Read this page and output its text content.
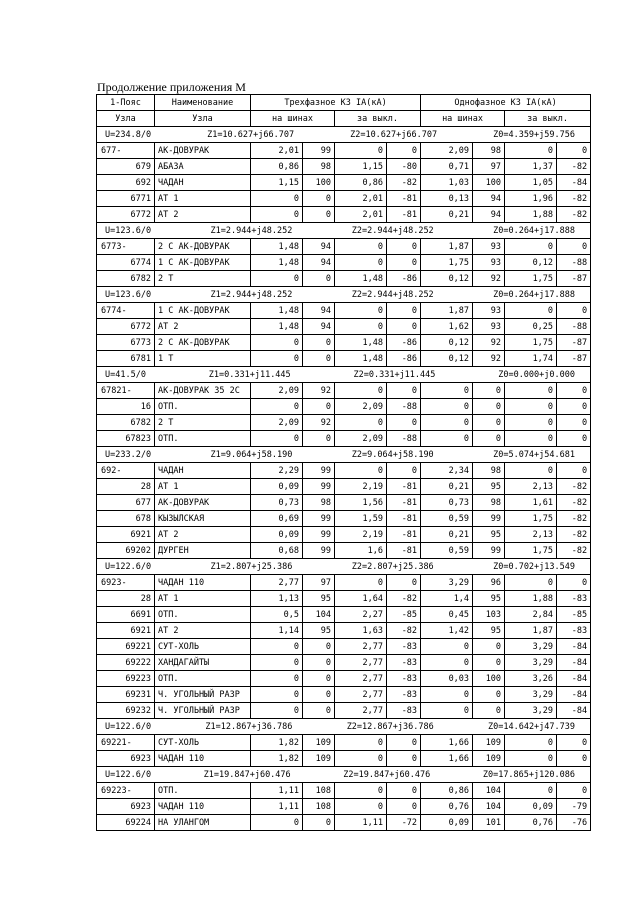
Продолжение приложения М
1-Пояс	Наименование	Трехфазное КЗ IA(кА)				Однофазное КЗ IA(кА)			
Узла	Узла	на шинах		за выкл.		на шинах		за выкл.	

U=234.8/0 Z1=10.627+j66.707 Z2=10.627+j66.707 Z0=4.359+j59.756									

677-	АК-ДОВУРАК	2,01	99	0	0	2,09	98	0	0
679	АБАЗА	0,86	98	1,15	-80	0,71	97	1,37	-82
692	ЧАДАН	1,15	100	0,86	-82	1,03	100	1,05	-84
6771	АТ 1	0	0	2,01	-81	0,13	94	1,96	-82
6772	АТ 2	0	0	2,01	-81	0,21	94	1,88	-82

U=123.6/0 Z1=2.944+j48.252 Z2=2.944+j48.252 Z0=0.264+j17.888									

6773-	2 С АК-ДОВУРАК	1,48	94	0	0	1,87	93	0	0
6774	1 С АК-ДОВУРАК	1,48	94	0	0	1,75	93	0,12	-88
6782	2 Т	0	0	1,48	-86	0,12	92	1,75	-87

U=123.6/0 Z1=2.944+j48.252 Z2=2.944+j48.252 Z0=0.264+j17.888									

6774-	1 С АК-ДОВУРАК	1,48	94	0	0	1,87	93	0	0
6772	АТ 2	1,48	94	0	0	1,62	93	0,25	-88
6773	2 С АК-ДОВУРАК	0	0	1,48	-86	0,12	92	1,75	-87
6781	1 Т	0	0	1,48	-86	0,12	92	1,74	-87

U=41.5/0 Z1=0.331+j11.445 Z2=0.331+j11.445 Z0=0.000+j0.000									

67821-	АК-ДОВУРАК 35 2С	2,09	92	0	0	0	0	0	0
16	ОТП.	0	0	2,09	-88	0	0	0	0
6782	2 Т	2,09	92	0	0	0	0	0	0
67823	ОТП.	0	0	2,09	-88	0	0	0	0

U=233.2/0 Z1=9.064+j58.190 Z2=9.064+j58.190 Z0=5.074+j54.681									

692-	ЧАДАН	2,29	99	0	0	2,34	98	0	0
28	АТ 1	0,09	99	2,19	-81	0,21	95	2,13	-82
677	АК-ДОВУРАК	0,73	98	1,56	-81	0,73	98	1,61	-82
678	КЫЗЫЛСКАЯ	0,69	99	1,59	-81	0,59	99	1,75	-82
6921	АТ 2	0,09	99	2,19	-81	0,21	95	2,13	-82
69202	ДУРГЕН	0,68	99	1,6	-81	0,59	99	1,75	-82

U=122.6/0 Z1=2.807+j25.386 Z2=2.807+j25.386 Z0=0.702+j13.549									

6923-	ЧАДАН 110	2,77	97	0	0	3,29	96	0	0
28	АТ 1	1,13	95	1,64	-82	1,4	95	1,88	-83
6691	ОТП.	0,5	104	2,27	-85	0,45	103	2,84	-85
6921	АТ 2	1,14	95	1,63	-82	1,42	95	1,87	-83
69221	СУТ-ХОЛЬ	0	0	2,77	-83	0	0	3,29	-84
69222	ХАНДАГАЙТЫ	0	0	2,77	-83	0	0	3,29	-84
69223	ОТП.	0	0	2,77	-83	0,03	100	3,26	-84
69231	Ч. УГОЛЬНЫЙ РАЗР	0	0	2,77	-83	0	0	3,29	-84
69232	Ч. УГОЛЬНЫЙ РАЗР	0	0	2,77	-83	0	0	3,29	-84

U=122.6/0 Z1=12.867+j36.786 Z2=12.867+j36.786 Z0=14.642+j47.739									

69221-	СУТ-ХОЛЬ	1,82	109	0	0	1,66	109	0	0
6923	ЧАДАН 110	1,82	109	0	0	1,66	109	0	0

U=122.6/0 Z1=19.847+j60.476 Z2=19.847+j60.476 Z0=17.865+j120.086									

69223-	ОТП.	1,11	108	0	0	0,86	104	0	0
6923	ЧАДАН 110	1,11	108	0	0	0,76	104	0,09	-79
69224	НА УЛАНГОМ	0	0	1,11	-72	0,09	101	0,76	-76
